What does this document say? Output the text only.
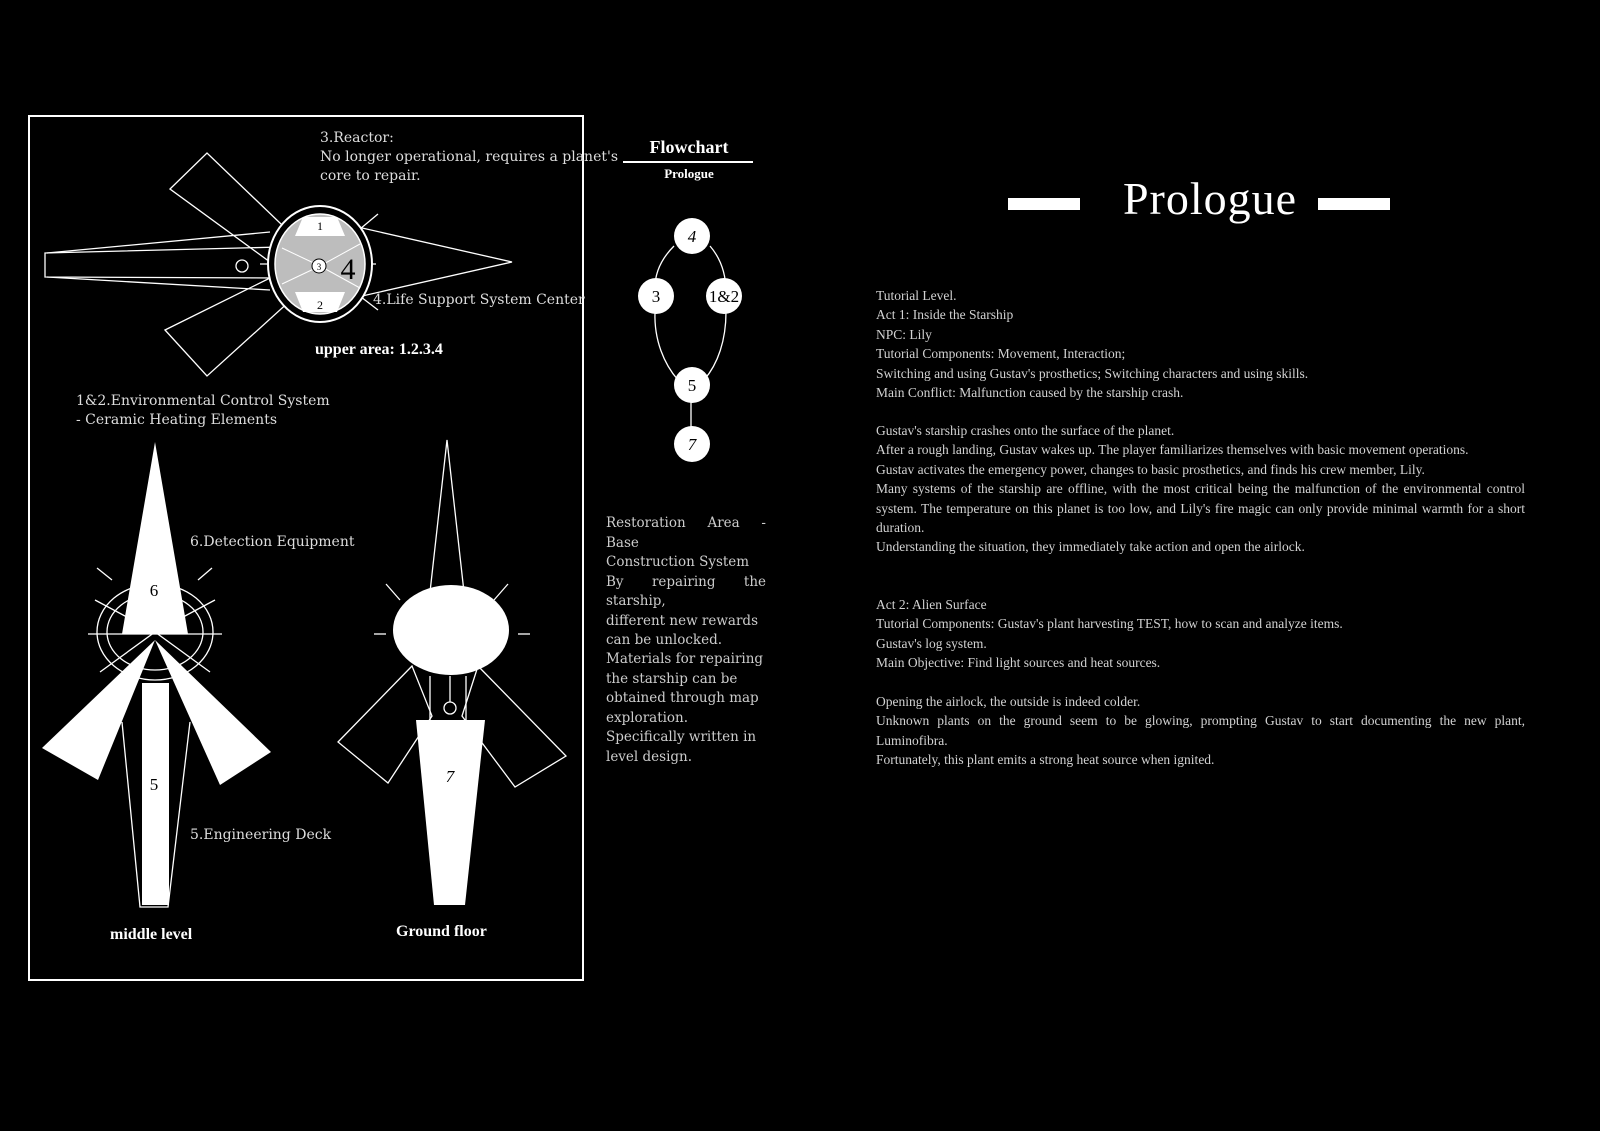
1
2
3 4
6
5	7
3.Reactor:
No longer operational, requires a planet's
core to repair.
4.Life Support System Center
upper area: 1.2.3.4
1&2.Environmental Control System
- Ceramic Heating Elements
6.Detection Equipment
5.Engineering Deck
middle level	Ground floor
Flowchart
Prologue
4
3	1&2
5
7
Restoration Area - Base
Construction System
By repairing the starship,
different new rewards
can be unlocked.
Materials for repairing
the starship can be
obtained through map
exploration.
Specifically written in
level design.
Prologue
Tutorial Level.
Act 1: Inside the Starship
NPC: Lily
Tutorial Components: Movement, Interaction;
Switching and using Gustav's prosthetics; Switching characters and using skills.
Main Conflict: Malfunction caused by the starship crash.
Gustav's starship crashes onto the surface of the planet.
After a rough landing, Gustav wakes up. The player familiarizes themselves with basic movement operations.
Gustav activates the emergency power, changes to basic prosthetics, and finds his crew member, Lily.
Many systems of the starship are offline, with the most critical being the malfunction of the environmental control system. The temperature on this planet is too low, and Lily's fire magic can only provide minimal warmth for a short duration.
Understanding the situation, they immediately take action and open the airlock.
Act 2: Alien Surface
Tutorial Components: Gustav's plant harvesting TEST, how to scan and analyze items.
Gustav's log system.
Main Objective: Find light sources and heat sources.
Opening the airlock, the outside is indeed colder.
Unknown plants on the ground seem to be glowing, prompting Gustav to start documenting the new plant, Luminofibra.
Fortunately, this plant emits a strong heat source when ignited.
